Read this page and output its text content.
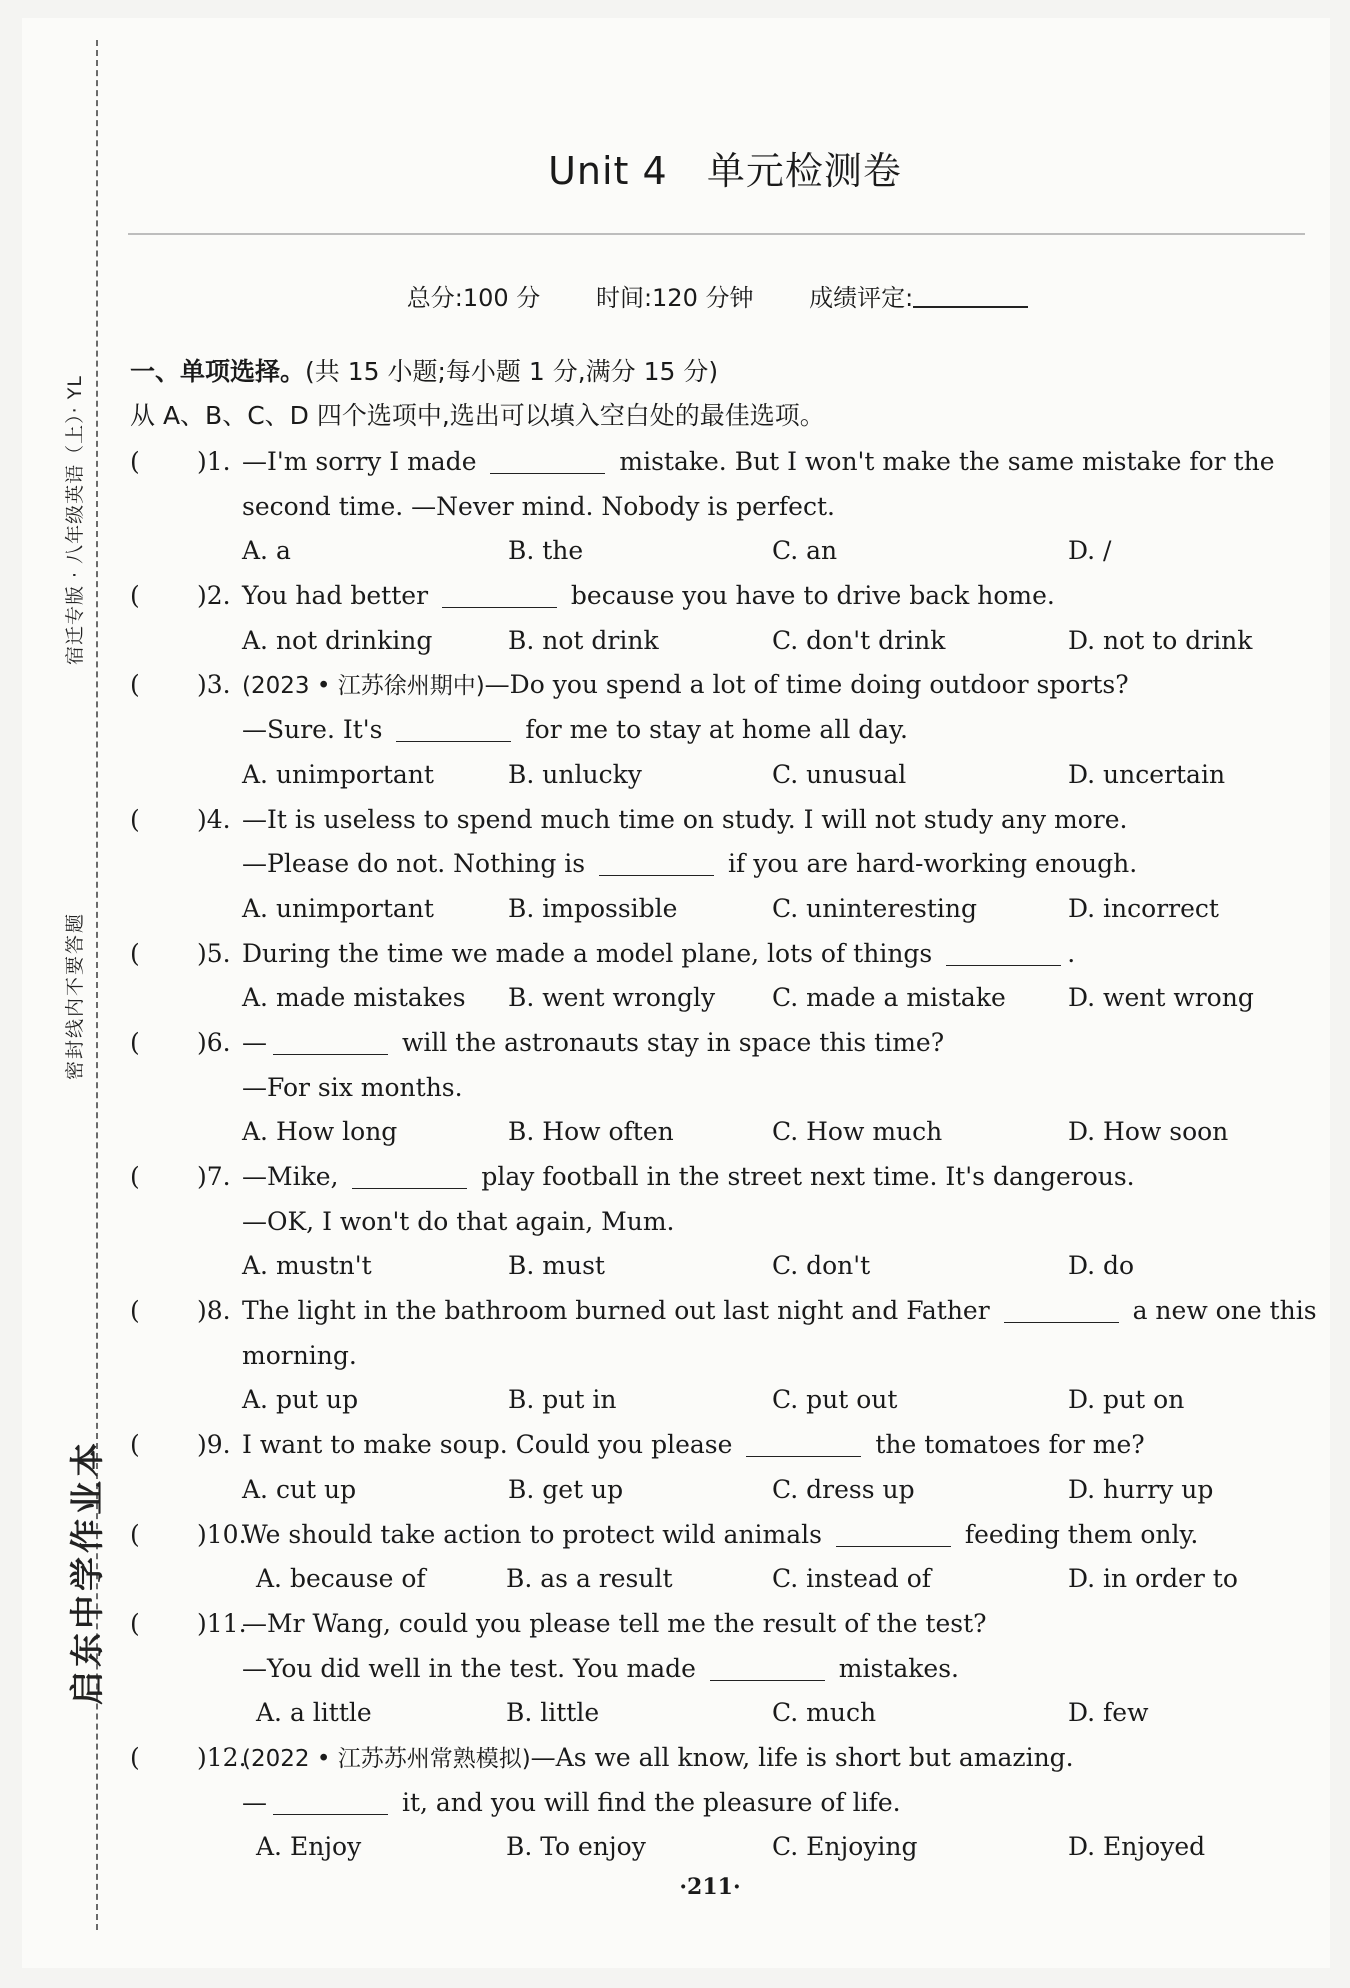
启东中学作业本
密封线内不要答题
宿迁专版 · 八年级英语（上）· YL
Unit 4   单元检测卷
总分:100 分 时间:120 分钟 成绩评定:
一、单项选择。(共 15 小题;每小题 1 分,满分 15 分)
从 A、B、C、D 四个选项中,选出可以填入空白处的最佳选项。
( )1. —I'm sorry I made	mistake. But I won't make the same mistake for the
second time. —Never mind. Nobody is perfect.
A. a	B. the	C. an	D. /
( )2. You had better	because you have to drive back home.
A. not drinking	B. not drink	C. don't drink	D. not to drink
( )3. (2023 • 江苏徐州期中)—Do you spend a lot of time doing outdoor sports?
—Sure. It's	for me to stay at home all day.
A. unimportant	B. unlucky	C. unusual	D. uncertain
( )4. —It is useless to spend much time on study. I will not study any more.
—Please do not. Nothing is	if you are hard-working enough.
A. unimportant	B. impossible	C. uninteresting	D. incorrect
( )5. During the time we made a model plane, lots of things	.
A. made mistakes B. went wrongly C. made a mistake D. went wrong
( )6. —	will the astronauts stay in space this time?
—For six months.
A. How long	B. How often	C. How much	D. How soon
( )7. —Mike,	play football in the street next time. It's dangerous.
—OK, I won't do that again, Mum.
A. mustn't	B. must	C. don't	D. do
( )8. The light in the bathroom burned out last night and Father	a new one this
morning.
A. put up	B. put in	C. put out	D. put on
( )9. I want to make soup. Could you please	the tomatoes for me?
A. cut up	B. get up	C. dress up	D. hurry up
( )10.
We should take action to protect wild animals	feeding them only.
A. because of	B. as a result	C. instead of	D. in order to
( )11.
—Mr Wang, could you please tell me the result of the test?
—You did well in the test. You made	mistakes.
A. a little	B. little	C. much	D. few
( )12.
(2022 • 江苏苏州常熟模拟)—As we all know, life is short but amazing.
—	it, and you will find the pleasure of life.
A. Enjoy	B. To enjoy	C. Enjoying	D. Enjoyed
·211·
